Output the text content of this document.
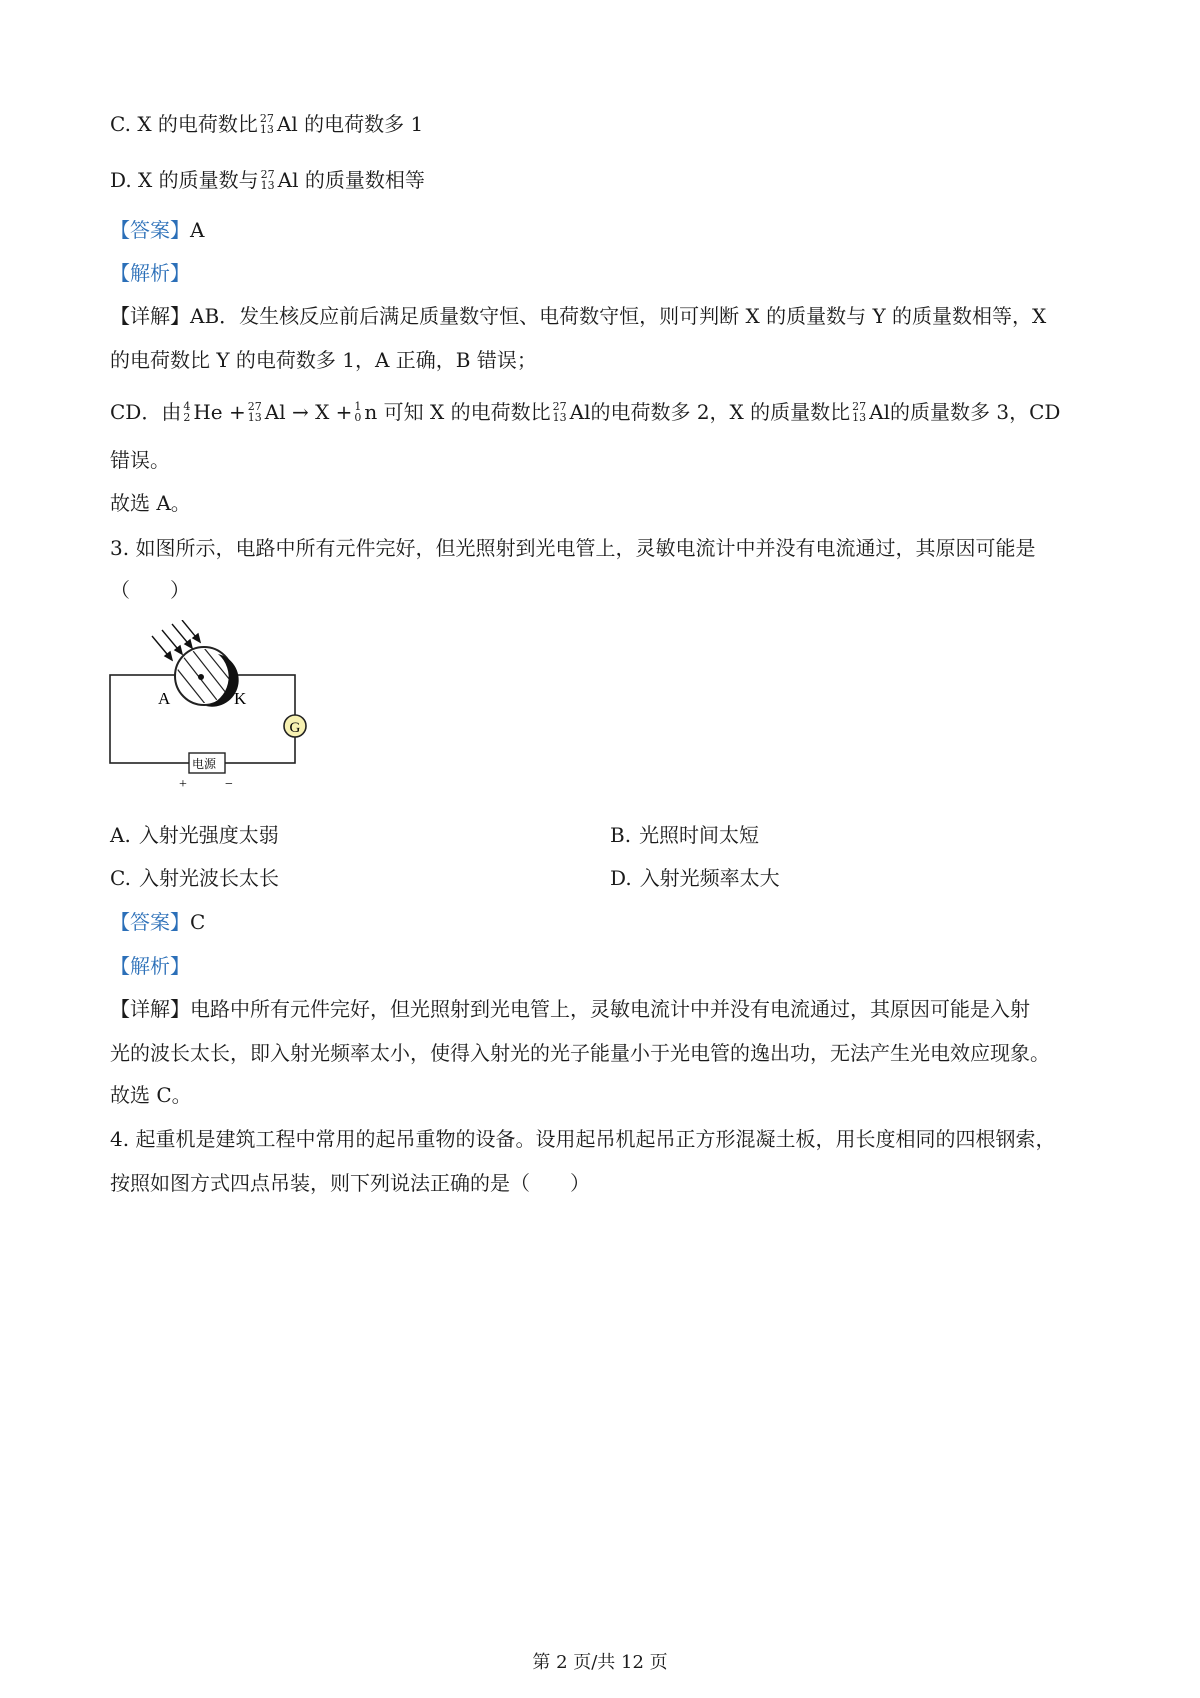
C. X 的电荷数比 27
13 Al 的电荷数多 1
D. X 的质量数与 27
13 Al 的质量数相等
【答案】A
【解析】
【详解】AB．发生核反应前后满足质量数守恒、电荷数守恒，则可判断 X 的质量数与 Y 的质量数相等，X
的电荷数比 Y 的电荷数多 1，A 正确，B 错误；
CD．由 4
2 He + 27
13 Al → X + 1
0 n 可知 X 的电荷数比 27
13 Al的电荷数多 2，X 的质量数比 27
13 Al的质量数多 3，CD
错误。
故选 A。
3. 如图所示，电路中所有元件完好，但光照射到光电管上，灵敏电流计中并没有电流通过，其原因可能是
（　　）
A	K
G
电源
+	−
A. 入射光强度太弱	B. 光照时间太短
C. 入射光波长太长	D. 入射光频率太大
【答案】C
【解析】
【详解】电路中所有元件完好，但光照射到光电管上，灵敏电流计中并没有电流通过，其原因可能是入射
光的波长太长，即入射光频率太小，使得入射光的光子能量小于光电管的逸出功，无法产生光电效应现象。
故选 C。
4. 起重机是建筑工程中常用的起吊重物的设备。设用起吊机起吊正方形混凝土板，用长度相同的四根钢索，
按照如图方式四点吊装，则下列说法正确的是（　　）
第 2 页/共 12 页
